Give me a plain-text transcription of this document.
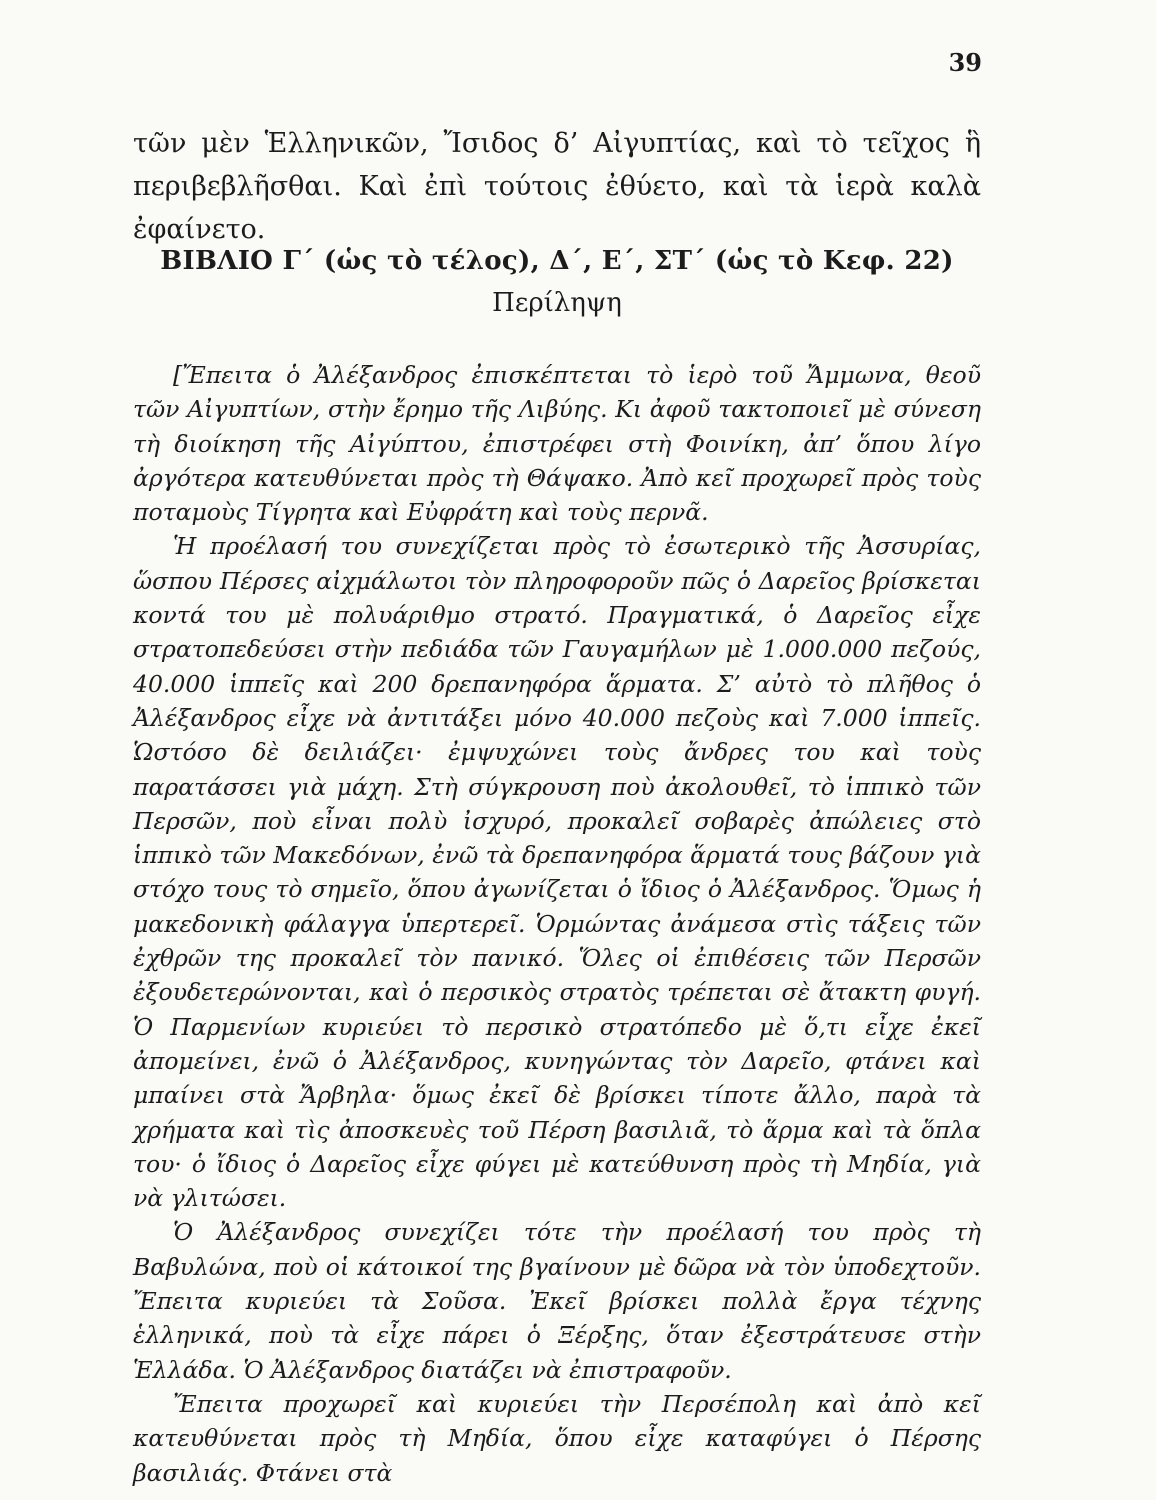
39

τῶν μὲν Ἑλληνικῶν, Ἴσιδος δ’ Αἰγυπτίας, καὶ τὸ τεῖχος ἣ περιβεβλῆσθαι. Καὶ ἐπὶ τούτοις ἐθύετο, καὶ τὰ ἱερὰ καλὰ ἐφαίνετο.

ΒΙΒΛΙΟ Γ΄ (ὡς τὸ τέλος), Δ΄, Ε΄, ΣΤ΄ (ὡς τὸ Κεφ. 22)
Περίληψη

[Ἔπειτα ὁ Ἀλέξανδρος ἐπισκέπτεται τὸ ἱερὸ τοῦ Ἄμμωνα, θεοῦ τῶν Αἰγυπτίων, στὴν ἔρημο τῆς Λιβύης. Κι ἀφοῦ τακτοποιεῖ μὲ σύνεση τὴ διοίκηση τῆς Αἰγύπτου, ἐπιστρέφει στὴ Φοινίκη, ἀπ’ ὅπου λίγο ἀργότερα κατευθύνεται πρὸς τὴ Θάψακο. Ἀπὸ κεῖ προχωρεῖ πρὸς τοὺς ποταμοὺς Τίγρητα καὶ Εὐφράτη καὶ τοὺς περνᾶ.

Ἡ προέλασή του συνεχίζεται πρὸς τὸ ἐσωτερικὸ τῆς Ἀσσυρίας, ὥσπου Πέρσες αἰχμάλωτοι τὸν πληροφοροῦν πῶς ὁ Δαρεῖος βρίσκεται κοντά του μὲ πολυάριθμο στρατό. Πραγματικά, ὁ Δαρεῖος εἶχε στρατοπεδεύσει στὴν πεδιάδα τῶν Γαυγαμήλων μὲ 1.000.000 πεζούς, 40.000 ἱππεῖς καὶ 200 δρεπανηφόρα ἅρματα. Σ’ αὐτὸ τὸ πλῆθος ὁ Ἀλέξανδρος εἶχε νὰ ἀντιτάξει μόνο 40.000 πεζοὺς καὶ 7.000 ἱππεῖς. Ὡστόσο δὲ δειλιάζει· ἐμψυχώνει τοὺς ἄνδρες του καὶ τοὺς παρατάσσει γιὰ μάχη. Στὴ σύγκρουση ποὺ ἀκολουθεῖ, τὸ ἱππικὸ τῶν Περσῶν, ποὺ εἶναι πολὺ ἰσχυρό, προκαλεῖ σοβαρὲς ἀπώλειες στὸ ἱππικὸ τῶν Μακεδόνων, ἐνῶ τὰ δρεπανηφόρα ἅρματά τους βάζουν γιὰ στόχο τους τὸ σημεῖο, ὅπου ἀγωνίζεται ὁ ἴδιος ὁ Ἀλέξανδρος. Ὅμως ἡ μακεδονικὴ φάλαγγα ὑπερτερεῖ. Ὁρμώντας ἀνάμεσα στὶς τάξεις τῶν ἐχθρῶν της προκαλεῖ τὸν πανικό. Ὅλες οἱ ἐπιθέσεις τῶν Περσῶν ἐξουδετερώνονται, καὶ ὁ περσικὸς στρατὸς τρέπεται σὲ ἄτακτη φυγή. Ὁ Παρμενίων κυριεύει τὸ περσικὸ στρατόπεδο μὲ ὅ,τι εἶχε ἐκεῖ ἀπομείνει, ἐνῶ ὁ Ἀλέξανδρος, κυνηγώντας τὸν Δαρεῖο, φτάνει καὶ μπαίνει στὰ Ἄρβηλα· ὅμως ἐκεῖ δὲ βρίσκει τίποτε ἄλλο, παρὰ τὰ χρήματα καὶ τὶς ἀποσκευὲς τοῦ Πέρση βασιλιᾶ, τὸ ἅρμα καὶ τὰ ὅπλα του· ὁ ἴδιος ὁ Δαρεῖος εἶχε φύγει μὲ κατεύθυνση πρὸς τὴ Μηδία, γιὰ νὰ γλιτώσει.

Ὁ Ἀλέξανδρος συνεχίζει τότε τὴν προέλασή του πρὸς τὴ Βαβυλώνα, ποὺ οἱ κάτοικοί της βγαίνουν μὲ δῶρα νὰ τὸν ὑποδεχτοῦν. Ἔπειτα κυριεύει τὰ Σοῦσα. Ἐκεῖ βρίσκει πολλὰ ἔργα τέχνης ἑλληνικά, ποὺ τὰ εἶχε πάρει ὁ Ξέρξης, ὅταν ἐξεστράτευσε στὴν Ἑλλάδα. Ὁ Ἀλέξανδρος διατάζει νὰ ἐπιστραφοῦν.

Ἔπειτα προχωρεῖ καὶ κυριεύει τὴν Περσέπολη καὶ ἀπὸ κεῖ κατευθύνεται πρὸς τὴ Μηδία, ὅπου εἶχε καταφύγει ὁ Πέρσης βασιλιάς. Φτάνει στὰ
